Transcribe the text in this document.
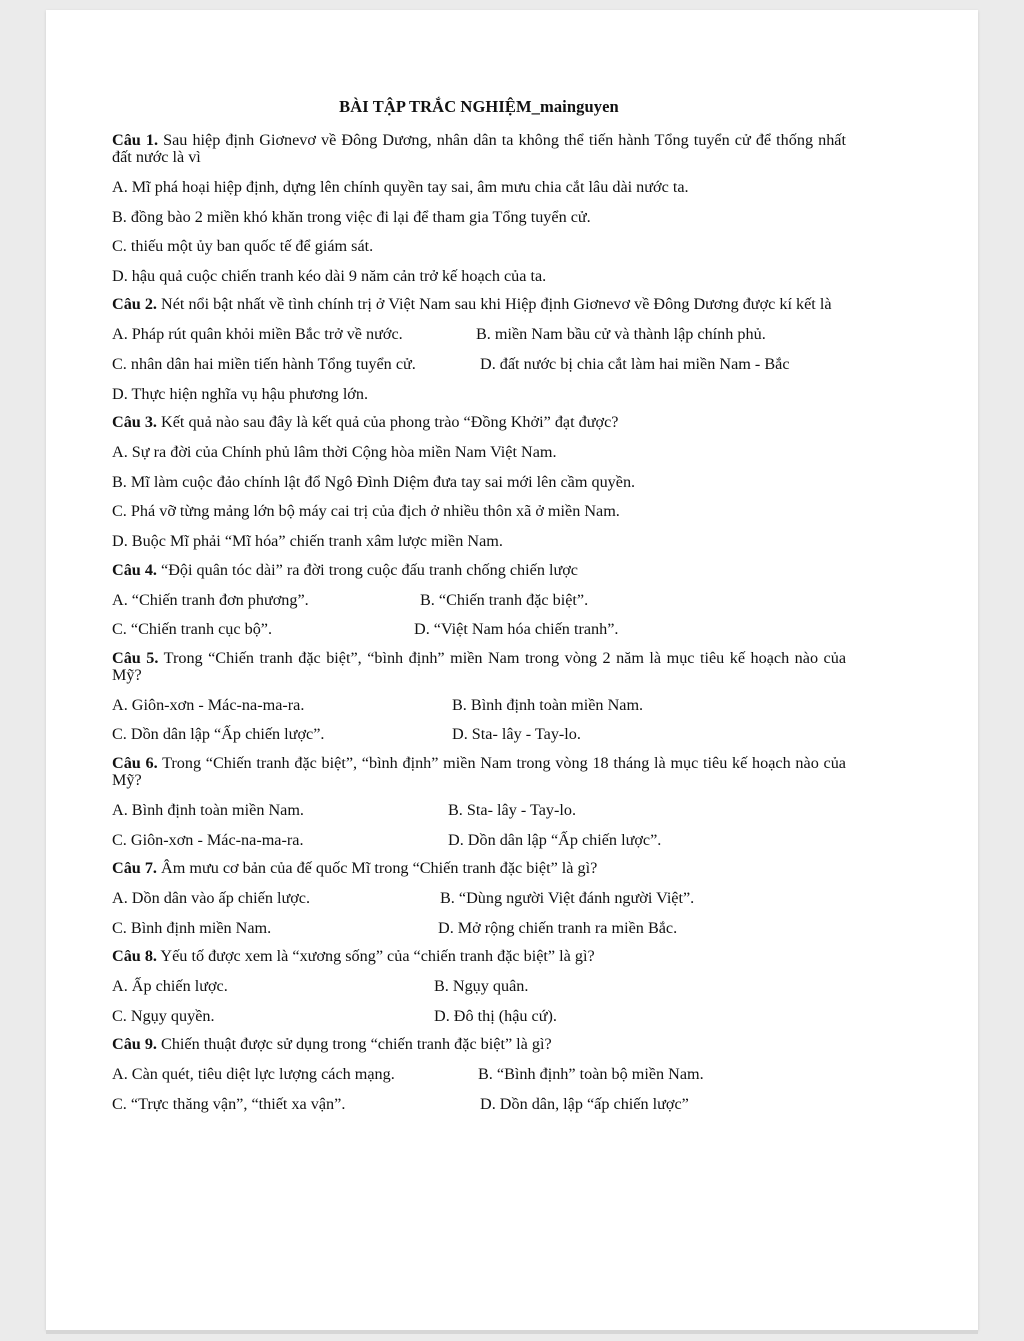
BÀI TẬP TRẮC NGHIỆM_mainguyen
Câu 1. Sau hiệp định Giơnevơ về Đông Dương, nhân dân ta không thể tiến hành Tổng tuyển cử để thống nhất đất nước là vì
A. Mĩ phá hoại hiệp định, dựng lên chính quyền tay sai, âm mưu chia cắt lâu dài nước ta.
B. đồng bào 2 miền khó khăn trong việc đi lại để tham gia Tổng tuyển cử.
C. thiếu một ủy ban quốc tế để giám sát.
D. hậu quả cuộc chiến tranh kéo dài 9 năm cản trở kế hoạch của ta.
Câu 2. Nét nổi bật nhất về tình chính trị ở Việt Nam sau khi Hiệp định Giơnevơ về Đông Dương được kí kết là
A. Pháp rút quân khỏi miền Bắc trở về nước.	B. miền Nam bầu cử và thành lập chính phủ.
C. nhân dân hai miền tiến hành Tổng tuyển cử.	D. đất nước bị chia cắt làm hai miền Nam - Bắc
D. Thực hiện nghĩa vụ hậu phương lớn.
Câu 3. Kết quả nào sau đây là kết quả của phong trào “Đồng Khởi” đạt được?
A. Sự ra đời của Chính phủ lâm thời Cộng hòa miền Nam Việt Nam.
B. Mĩ làm cuộc đảo chính lật đổ Ngô Đình Diệm đưa tay sai mới lên cầm quyền.
C. Phá vỡ từng mảng lớn bộ máy cai trị của địch ở nhiều thôn xã ở miền Nam.
D. Buộc Mĩ phải “Mĩ hóa” chiến tranh xâm lược miền Nam.
Câu 4. “Đội quân tóc dài” ra đời trong cuộc đấu tranh chống chiến lược
A. “Chiến tranh đơn phương”.	B. “Chiến tranh đặc biệt”.
C. “Chiến tranh cục bộ”.	D. “Việt Nam hóa chiến tranh”.
Câu 5. Trong “Chiến tranh đặc biệt”, “bình định” miền Nam trong vòng 2 năm là mục tiêu kế hoạch nào của Mỹ?
A. Giôn-xơn - Mác-na-ma-ra.	B. Bình định toàn miền Nam.
C. Dồn dân lập “Ấp chiến lược”.	D. Sta- lây - Tay-lo.
Câu 6. Trong “Chiến tranh đặc biệt”, “bình định” miền Nam trong vòng 18 tháng là mục tiêu kế hoạch nào của Mỹ?
A. Bình định toàn miền Nam.	B. Sta- lây - Tay-lo.
C. Giôn-xơn - Mác-na-ma-ra.	D. Dồn dân lập “Ấp chiến lược”.
Câu 7. Âm mưu cơ bản của đế quốc Mĩ trong “Chiến tranh đặc biệt” là gì?
A. Dồn dân vào ấp chiến lược.	B. “Dùng người Việt đánh người Việt”.
C. Bình định miền Nam.	D. Mở rộng chiến tranh ra miền Bắc.
Câu 8. Yếu tố được xem là “xương sống” của “chiến tranh đặc biệt” là gì?
A. Ấp chiến lược.	B. Ngụy quân.
C. Ngụy quyền.	D. Đô thị (hậu cứ).
Câu 9. Chiến thuật được sử dụng trong “chiến tranh đặc biệt” là gì?
A. Càn quét, tiêu diệt lực lượng cách mạng.	B. “Bình định” toàn bộ miền Nam.
C. “Trực thăng vận”, “thiết xa vận”.	D. Dồn dân, lập “ấp chiến lược”
